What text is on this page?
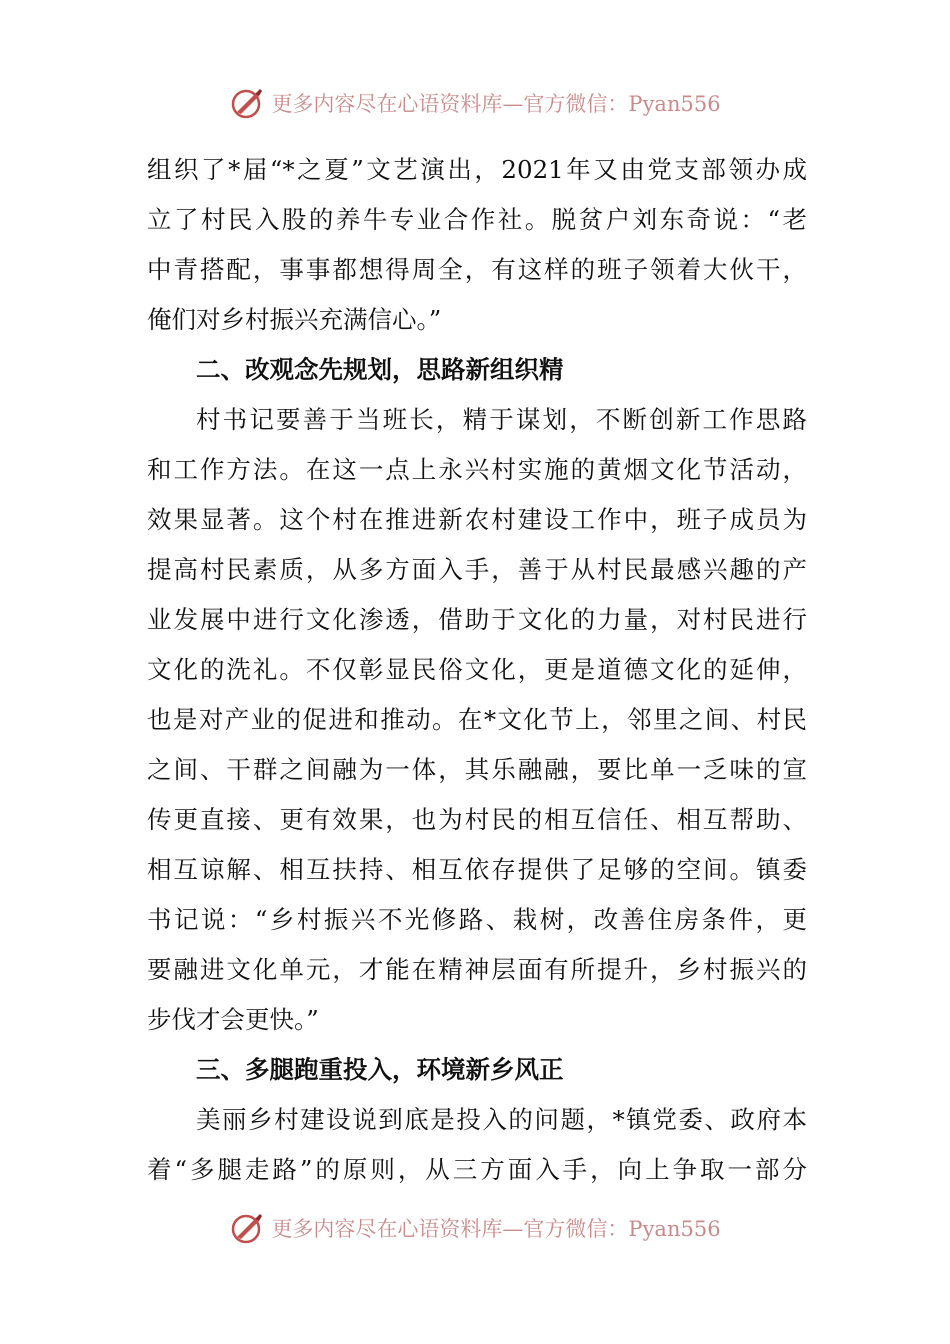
更多内容尽在心语资料库—官方微信：Pyan556
组织了*届“*之夏”文艺演出，2021年又由党支部领办成
立了村民入股的养牛专业合作社。脱贫户刘东奇说：“老
中青搭配，事事都想得周全，有这样的班子领着大伙干，
俺们对乡村振兴充满信心。”
二、改观念先规划，思路新组织精
村书记要善于当班长，精于谋划，不断创新工作思路
和工作方法。在这一点上永兴村实施的黄烟文化节活动，
效果显著。这个村在推进新农村建设工作中，班子成员为
提高村民素质，从多方面入手，善于从村民最感兴趣的产
业发展中进行文化渗透，借助于文化的力量，对村民进行
文化的洗礼。不仅彰显民俗文化，更是道德文化的延伸，
也是对产业的促进和推动。在*文化节上，邻里之间、村民
之间、干群之间融为一体，其乐融融，要比单一乏味的宣
传更直接、更有效果，也为村民的相互信任、相互帮助、
相互谅解、相互扶持、相互依存提供了足够的空间。镇委
书记说：“乡村振兴不光修路、栽树，改善住房条件，更
要融进文化单元，才能在精神层面有所提升，乡村振兴的
步伐才会更快。”
三、多腿跑重投入，环境新乡风正
美丽乡村建设说到底是投入的问题，*镇党委、政府本
着“多腿走路”的原则，从三方面入手，向上争取一部分
更多内容尽在心语资料库—官方微信：Pyan556
